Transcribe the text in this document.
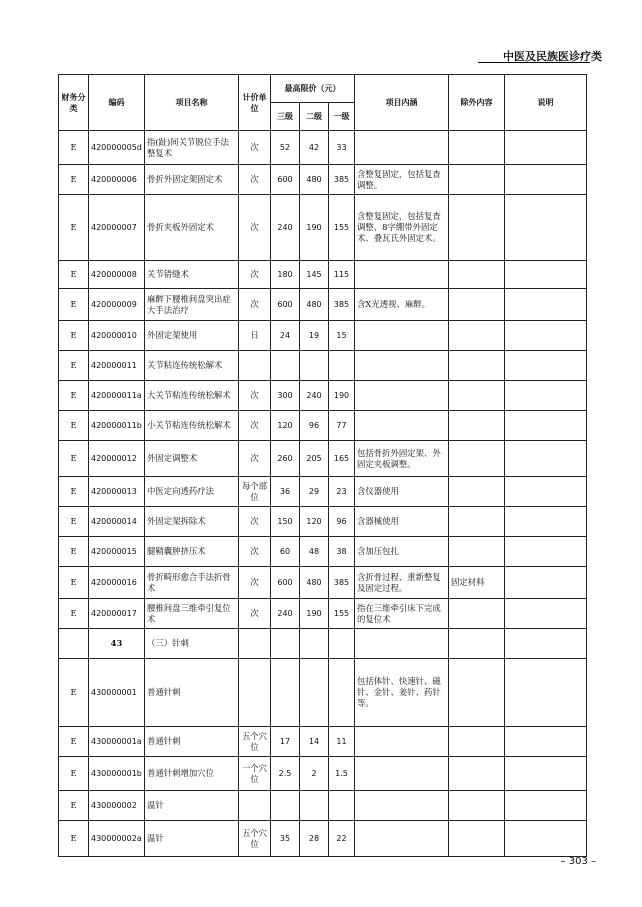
中医及民族医诊疗类
财务分类	编码	项目名称	计价单位	最高限价（元）			项目内涵	除外内容	说明
				三级	二级	一级			
E	420000005d	指(趾)间关节脱位手法整复术	次	52	42	33			
E	420000006	骨折外固定架固定术	次	600	480	385	含整复固定，包括复查调整。		
E	420000007	骨折夹板外固定术	次	240	190	155	含整复固定，包括复查调整、8字绷带外固定术、叠瓦氏外固定术。		
E	420000008	关节错缝术	次	180	145	115			
E	420000009	麻醉下腰椎间盘突出症大手法治疗	次	600	480	385	含X光透视、麻醉。		
E	420000010	外固定架使用	日	24	19	15			
E	420000011	关节粘连传统松解术							
E	420000011a	大关节粘连传统松解术	次	300	240	190			
E	420000011b	小关节粘连传统松解术	次	120	96	77			
E	420000012	外固定调整术	次	260	205	165	包括骨折外固定架、外固定夹板调整。		
E	420000013	中医定向透药疗法	每个部位	36	29	23	含仪器使用		
E	420000014	外固定架拆除术	次	150	120	96	含器械使用		
E	420000015	腱鞘囊肿挤压术	次	60	48	38	含加压包扎		
E	420000016	骨折畸形愈合手法折骨术	次	600	480	385	含折骨过程、重新整复及固定过程。	固定材料	
E	420000017	腰椎间盘三维牵引复位术	次	240	190	155	指在三维牵引床下完成的复位术		
	43	（三）针刺							
E	430000001	普通针刺					包括体针、快速针、磁针、金针、姜针、药针等。		
E	430000001a	普通针刺	五个穴位	17	14	11			
E	430000001b	普通针刺增加穴位	一个穴位	2.5	2	1.5			
E	430000002	温针							
E	430000002a	温针	五个穴位	35	28	22			
– 303 –
